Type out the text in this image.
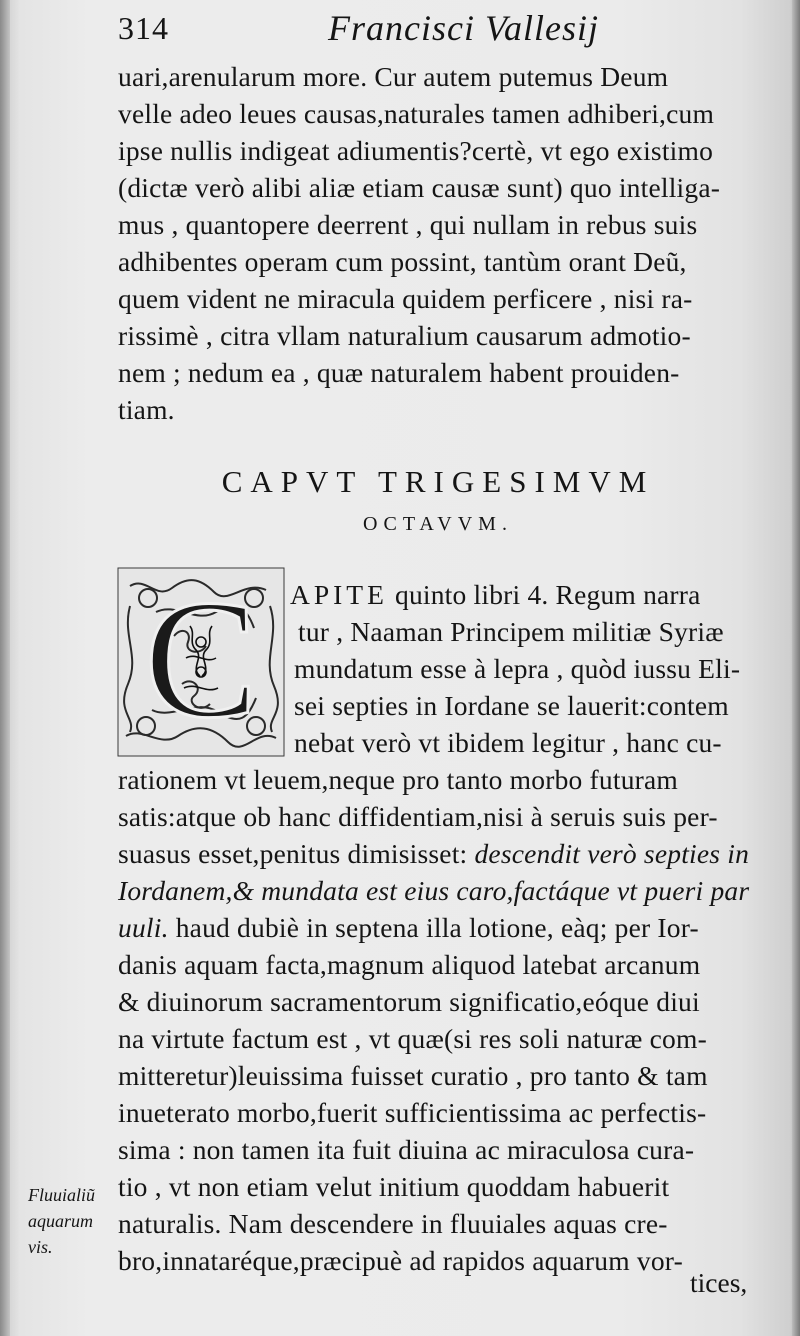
314	Francisci Vallesij
uari,arenularum more. Cur autem putemus Deum
velle adeo leues causas,naturales tamen adhiberi,cum
ipse nullis indigeat adiumentis?certè, vt ego existimo
(dictæ verò alibi aliæ etiam causæ sunt) quo intelliga-
mus , quantopere deerrent , qui nullam in rebus suis
adhibentes operam cum possint, tantùm orant Deũ,
quem vident ne miracula quidem perficere , nisi ra-
rissimè , citra vllam naturalium causarum admotio-
nem ; nedum ea , quæ naturalem habent prouiden-
tiam.
CAPVT TRIGESIMVM
OCTAVVM.
C APITE quinto libri 4. Regum narra
tur , Naaman Principem militiæ Syriæ
mundatum esse à lepra , quòd iussu Eli-
sei septies in Iordane se lauerit:contem
nebat verò vt ibidem legitur , hanc cu-
rationem vt leuem,neque pro tanto morbo futuram
satis:atque ob hanc diffidentiam,nisi à seruis suis per-
suasus esset,penitus dimisisset: descendit verò septies in
Iordanem,& mundata est eius caro,factáque vt pueri par
uuli. haud dubiè in septena illa lotione, eàq; per Ior-
danis aquam facta,magnum aliquod latebat arcanum
& diuinorum sacramentorum significatio,eóque diui
na virtute factum est , vt quæ(si res soli naturæ com-
mitteretur)leuissima fuisset curatio , pro tanto & tam
inueterato morbo,fuerit sufficientissima ac perfectis-
sima : non tamen ita fuit diuina ac miraculosa cura-
tio , vt non etiam velut initium quoddam habuerit
naturalis. Nam descendere in fluuiales aquas cre-
bro,innataréque,præcipuè ad rapidos aquarum vor-
tices,
Fluuialiũ
aquarum
vis.
